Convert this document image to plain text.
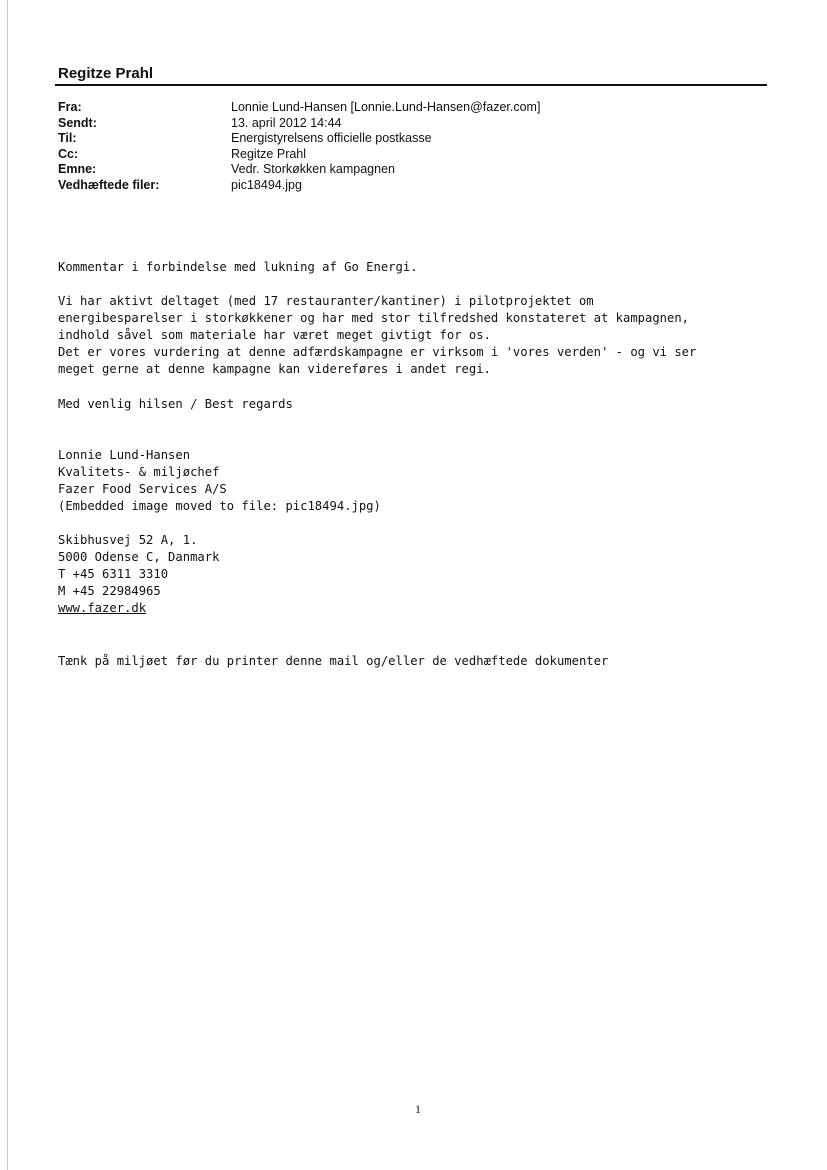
Regitze Prahl
Fra:	Lonnie Lund-Hansen [Lonnie.Lund-Hansen@fazer.com]
Sendt:	13. april 2012 14:44
Til:	Energistyrelsens officielle postkasse
Cc:	Regitze Prahl
Emne:	Vedr. Storkøkken kampagnen
Vedhæftede filer:	pic18494.jpg
Kommentar i forbindelse med lukning af Go Energi.
Vi har aktivt deltaget (med 17 restauranter/kantiner) i pilotprojektet om
energibesparelser i storkøkkener og har med stor tilfredshed konstateret at kampagnen,
indhold såvel som materiale har været meget givtigt for os.
Det er vores vurdering at denne adfærdskampagne er virksom i 'vores verden' - og vi ser
meget gerne at denne kampagne kan videreføres i andet regi.
Med venlig hilsen / Best regards
Lonnie Lund-Hansen
Kvalitets- & miljøchef
Fazer Food Services A/S
(Embedded image moved to file: pic18494.jpg)
Skibhusvej 52 A, 1.
5000 Odense C, Danmark
T +45 6311 3310
M +45 22984965
www.fazer.dk
Tænk på miljøet før du printer denne mail og/eller de vedhæftede dokumenter
1
